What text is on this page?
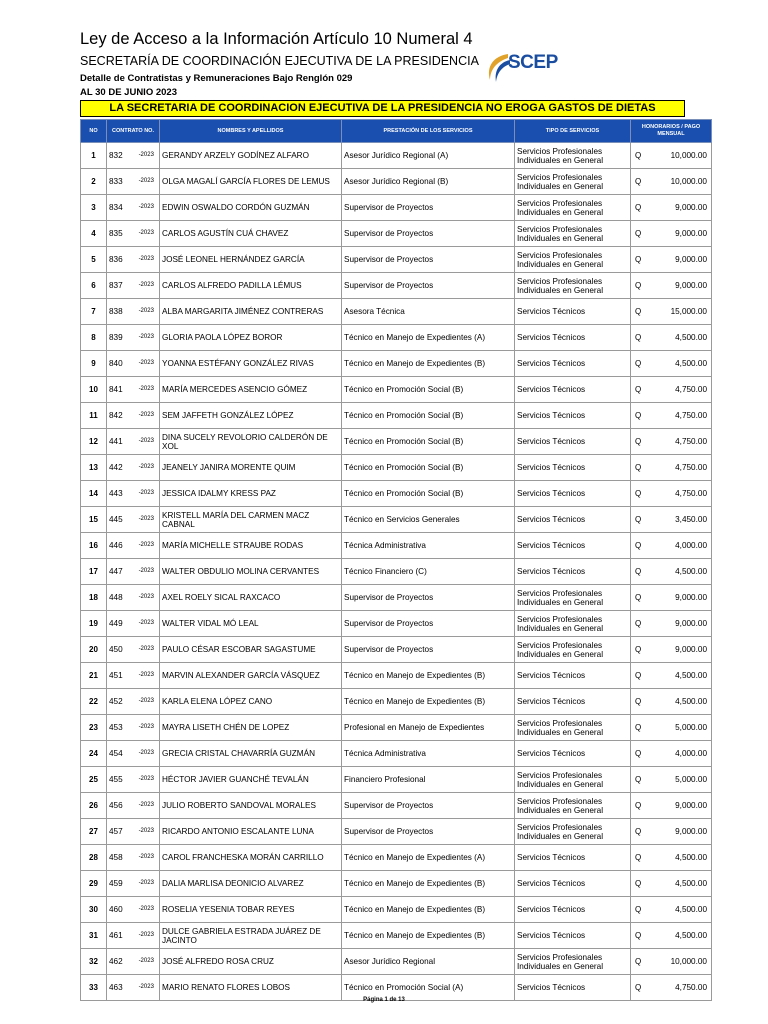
Ley de Acceso a la Información Artículo 10 Numeral 4
SECRETARÍA DE COORDINACIÓN EJECUTIVA DE LA PRESIDENCIA
Detalle de Contratistas y Remuneraciones Bajo Renglón 029
AL 30 DE JUNIO 2023
SCEP
LA SECRETARIA DE COORDINACION EJECUTIVA DE LA PRESIDENCIA NO EROGA GASTOS DE DIETAS
NO	CONTRATO NO.		NOMBRES Y APELLIDOS	PRESTACIÓN DE LOS SERVICIOS	TIPO DE SERVICIOS	HONORARIOS / PAGO MENSUAL	
1	832	-2023	GERANDY ARZELY GODÍNEZ ALFARO	Asesor Jurídico Regional (A)	Servicios Profesionales Individuales en General	Q	10,000.00
2	833	-2023	OLGA MAGALÍ GARCÍA FLORES DE LEMUS	Asesor Jurídico Regional (B)	Servicios Profesionales Individuales en General	Q	10,000.00
3	834	-2023	EDWIN OSWALDO CORDÓN GUZMÁN	Supervisor de Proyectos	Servicios Profesionales Individuales en General	Q	9,000.00
4	835	-2023	CARLOS AGUSTÍN CUÁ CHAVEZ	Supervisor de Proyectos	Servicios Profesionales Individuales en General	Q	9,000.00
5	836	-2023	JOSÉ LEONEL HERNÁNDEZ GARCÍA	Supervisor de Proyectos	Servicios Profesionales Individuales en General	Q	9,000.00
6	837	-2023	CARLOS ALFREDO PADILLA LÉMUS	Supervisor de Proyectos	Servicios Profesionales Individuales en General	Q	9,000.00
7	838	-2023	ALBA MARGARITA JIMÉNEZ CONTRERAS	Asesora Técnica	Servicios Técnicos	Q	15,000.00
8	839	-2023	GLORIA PAOLA LÓPEZ BOROR	Técnico en Manejo de Expedientes (A)	Servicios Técnicos	Q	4,500.00
9	840	-2023	YOANNA ESTÉFANY GONZÁLEZ RIVAS	Técnico en Manejo de Expedientes (B)	Servicios Técnicos	Q	4,500.00
10	841	-2023	MARÍA MERCEDES ASENCIO GÓMEZ	Técnico en Promoción Social (B)	Servicios Técnicos	Q	4,750.00
11	842	-2023	SEM JAFFETH GONZÁLEZ LÓPEZ	Técnico en Promoción Social (B)	Servicios Técnicos	Q	4,750.00
12	441	-2023	DINA SUCELY REVOLORIO CALDERÓN DE XOL	Técnico en Promoción Social (B)	Servicios Técnicos	Q	4,750.00
13	442	-2023	JEANELY JANIRA MORENTE QUIM	Técnico en Promoción Social (B)	Servicios Técnicos	Q	4,750.00
14	443	-2023	JESSICA IDALMY KRESS PAZ	Técnico en Promoción Social (B)	Servicios Técnicos	Q	4,750.00
15	445	-2023	KRISTELL MARÍA DEL CARMEN MACZ CABNAL	Técnico en Servicios Generales	Servicios Técnicos	Q	3,450.00
16	446	-2023	MARÍA MICHELLE STRAUBE RODAS	Técnica Administrativa	Servicios Técnicos	Q	4,000.00
17	447	-2023	WALTER OBDULIO MOLINA CERVANTES	Técnico Financiero (C)	Servicios Técnicos	Q	4,500.00
18	448	-2023	AXEL ROELY SICAL RAXCACO	Supervisor de Proyectos	Servicios Profesionales Individuales en General	Q	9,000.00
19	449	-2023	WALTER VIDAL MÓ LEAL	Supervisor de Proyectos	Servicios Profesionales Individuales en General	Q	9,000.00
20	450	-2023	PAULO CÉSAR ESCOBAR SAGASTUME	Supervisor de Proyectos	Servicios Profesionales Individuales en General	Q	9,000.00
21	451	-2023	MARVIN ALEXANDER GARCÍA VÁSQUEZ	Técnico en Manejo de Expedientes (B)	Servicios Técnicos	Q	4,500.00
22	452	-2023	KARLA ELENA LÓPEZ CANO	Técnico en Manejo de Expedientes (B)	Servicios Técnicos	Q	4,500.00
23	453	-2023	MAYRA LISETH CHÉN DE LOPEZ	Profesional en Manejo de Expedientes	Servicios Profesionales Individuales en General	Q	5,000.00
24	454	-2023	GRECIA CRISTAL CHAVARRÍA GUZMÁN	Técnica Administrativa	Servicios Técnicos	Q	4,000.00
25	455	-2023	HÉCTOR JAVIER GUANCHÉ TEVALÁN	Financiero Profesional	Servicios Profesionales Individuales en General	Q	5,000.00
26	456	-2023	JULIO ROBERTO SANDOVAL MORALES	Supervisor de Proyectos	Servicios Profesionales Individuales en General	Q	9,000.00
27	457	-2023	RICARDO ANTONIO ESCALANTE LUNA	Supervisor de Proyectos	Servicios Profesionales Individuales en General	Q	9,000.00
28	458	-2023	CAROL FRANCHESKA MORÁN CARRILLO	Técnico en Manejo de Expedientes (A)	Servicios Técnicos	Q	4,500.00
29	459	-2023	DALIA MARLISA DEONICIO ALVAREZ	Técnico en Manejo de Expedientes (B)	Servicios Técnicos	Q	4,500.00
30	460	-2023	ROSELIA YESENIA TOBAR REYES	Técnico en Manejo de Expedientes (B)	Servicios Técnicos	Q	4,500.00
31	461	-2023	DULCE GABRIELA ESTRADA JUÁREZ DE JACINTO	Técnico en Manejo de Expedientes (B)	Servicios Técnicos	Q	4,500.00
32	462	-2023	JOSÉ ALFREDO ROSA CRUZ	Asesor Jurídico Regional	Servicios Profesionales Individuales en General	Q	10,000.00
33	463	-2023	MARIO RENATO FLORES LOBOS	Técnico en Promoción Social (A)	Servicios Técnicos	Q	4,750.00
Página 1 de 13
